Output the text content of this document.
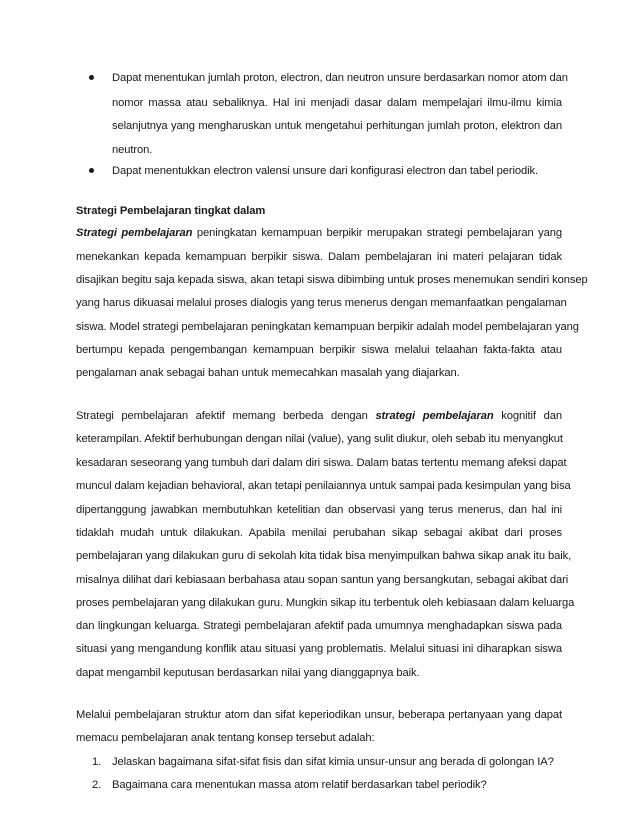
Dapat menentukan jumlah proton, electron, dan neutron unsure berdasarkan nomor atom dan
nomor massa atau sebaliknya. Hal ini menjadi dasar dalam mempelajari ilmu-ilmu kimia
selanjutnya yang mengharuskan untuk mengetahui perhitungan jumlah proton, elektron dan
neutron.
Dapat menentukkan electron valensi unsure dari konfigurasi electron dan tabel periodik.
Strategi Pembelajaran tingkat dalam
Strategi pembelajaran peningkatan kemampuan berpikir merupakan strategi pembelajaran yang
menekankan kepada kemampuan berpikir siswa. Dalam pembelajaran ini materi pelajaran tidak
disajikan begitu saja kepada siswa, akan tetapi siswa dibimbing untuk proses menemukan sendiri konsep
yang harus dikuasai melalui proses dialogis yang terus menerus dengan memanfaatkan pengalaman
siswa. Model strategi pembelajaran peningkatan kemampuan berpikir adalah model pembelajaran yang
bertumpu kepada pengembangan kemampuan berpikir siswa melalui telaahan fakta-fakta atau
pengalaman anak sebagai bahan untuk memecahkan masalah yang diajarkan.
Strategi pembelajaran afektif memang berbeda dengan strategi pembelajaran kognitif dan
keterampilan. Afektif berhubungan dengan nilai (value), yang sulit diukur, oleh sebab itu menyangkut
kesadaran seseorang yang tumbuh dari dalam diri siswa. Dalam batas tertentu memang afeksi dapat
muncul dalam kejadian behavioral, akan tetapi penilaiannya untuk sampai pada kesimpulan yang bisa
dipertanggung jawabkan membutuhkan ketelitian dan observasi yang terus menerus, dan hal ini
tidaklah mudah untuk dilakukan. Apabila menilai perubahan sikap sebagai akibat dari proses
pembelajaran yang dilakukan guru di sekolah kita tidak bisa menyimpulkan bahwa sikap anak itu baik,
misalnya dilihat dari kebiasaan berbahasa atau sopan santun yang bersangkutan, sebagai akibat dari
proses pembelajaran yang dilakukan guru. Mungkin sikap itu terbentuk oleh kebiasaan dalam keluarga
dan lingkungan keluarga. Strategi pembelajaran afektif pada umumnya menghadapkan siswa pada
situasi yang mengandung konflik atau situasi yang problematis. Melalui situasi ini diharapkan siswa
dapat mengambil keputusan berdasarkan nilai yang dianggapnya baik.
Melalui pembelajaran struktur atom dan sifat keperiodikan unsur, beberapa pertanyaan yang dapat
memacu pembelajaran anak tentang konsep tersebut adalah:
1. Jelaskan bagaimana sifat-sifat fisis dan sifat kimia unsur-unsur ang berada di golongan IA?
2. Bagaimana cara menentukan massa atom relatif berdasarkan tabel periodik?
